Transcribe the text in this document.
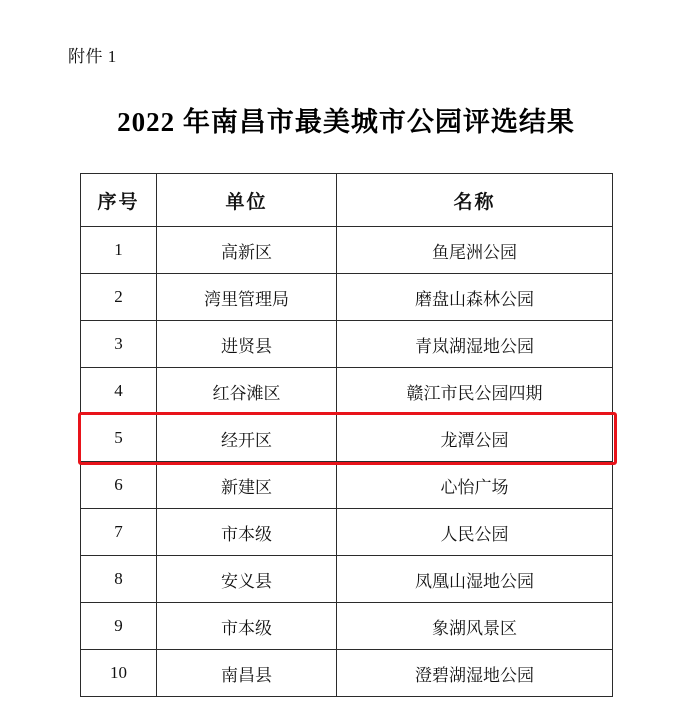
附件 1
2022 年南昌市最美城市公园评选结果
序号	单位	名称
1	高新区	鱼尾洲公园
2	湾里管理局	磨盘山森林公园
3	进贤县	青岚湖湿地公园
4	红谷滩区	赣江市民公园四期
5	经开区	龙潭公园
6	新建区	心怡广场
7	市本级	人民公园
8	安义县	凤凰山湿地公园
9	市本级	象湖风景区
10	南昌县	澄碧湖湿地公园
